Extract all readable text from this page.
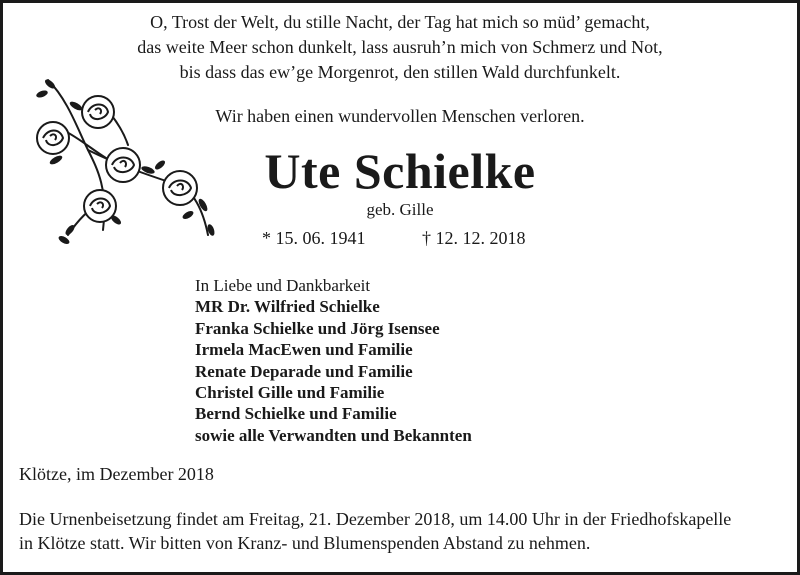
O, Trost der Welt, du stille Nacht, der Tag hat mich so müd’ gemacht,
das weite Meer schon dunkelt, lass ausruh’n mich von Schmerz und Not,
bis dass das ew’ge Morgenrot, den stillen Wald durchfunkelt.
Wir haben einen wundervollen Menschen verloren.
Ute Schielke
geb. Gille
* 15. 06. 1941	† 12. 12. 2018
In Liebe und Dankbarkeit
MR Dr. Wilfried Schielke
Franka Schielke und Jörg Isensee
Irmela MacEwen und Familie
Renate Deparade und Familie
Christel Gille und Familie
Bernd Schielke und Familie
sowie alle Verwandten und Bekannten
Klötze, im Dezember 2018
Die Urnenbeisetzung findet am Freitag, 21. Dezember 2018, um 14.00 Uhr in der Friedhofskapelle
in Klötze statt. Wir bitten von Kranz- und Blumenspenden Abstand zu nehmen.
